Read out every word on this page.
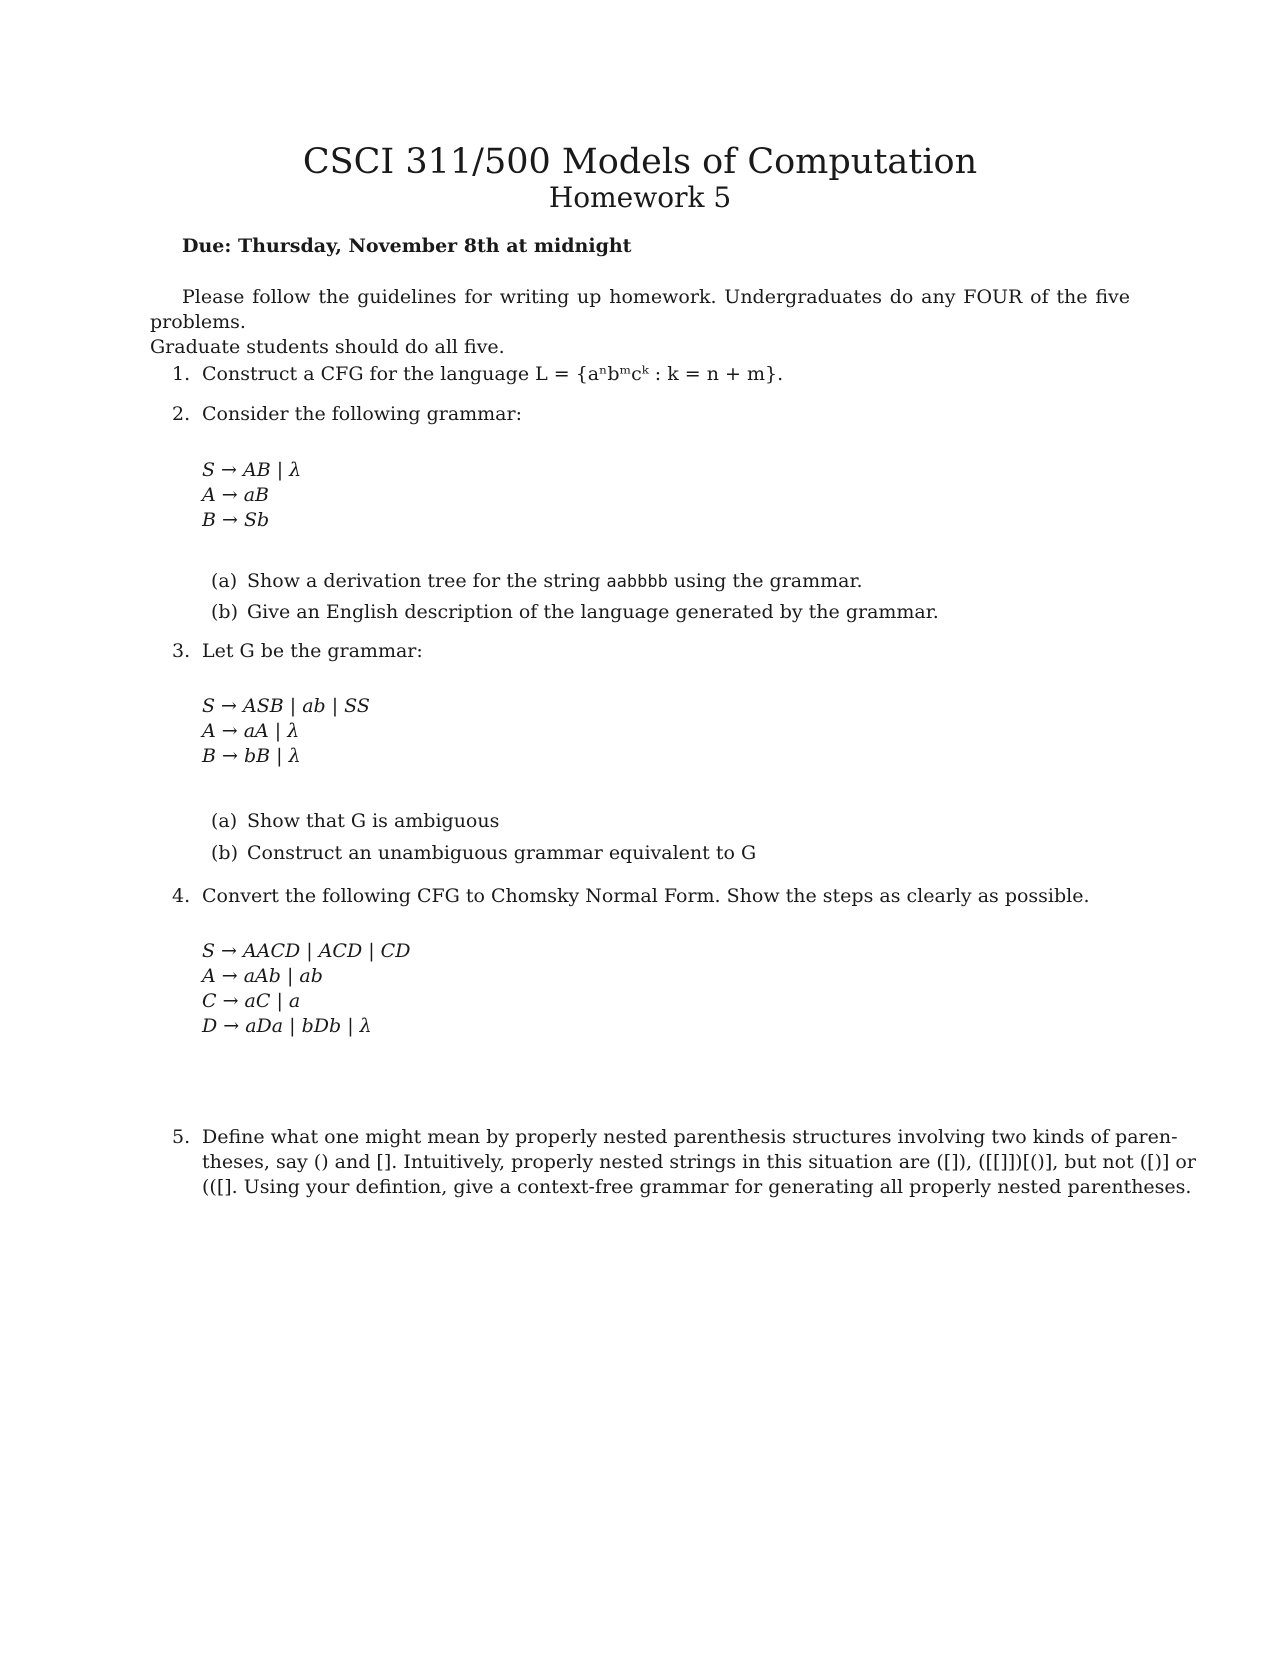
CSCI 311/500 Models of Computation
Homework 5
Due: Thursday, November 8th at midnight
Please follow the guidelines for writing up homework. Undergraduates do any FOUR of the five problems.
Graduate students should do all five.
1. Construct a CFG for the language L = {aⁿbᵐcᵏ : k = n + m}.
2. Consider the following grammar:
S → AB | λ
A → aB
B → Sb
(a) Show a derivation tree for the string aabbbb using the grammar.
(b) Give an English description of the language generated by the grammar.
3. Let G be the grammar:
S → ASB | ab | SS
A → aA | λ
B → bB | λ
(a) Show that G is ambiguous
(b) Construct an unambiguous grammar equivalent to G
4. Convert the following CFG to Chomsky Normal Form. Show the steps as clearly as possible.
S → AACD | ACD | CD
A → aAb | ab
C → aC | a
D → aDa | bDb | λ
5. Define what one might mean by properly nested parenthesis structures involving two kinds of paren-
theses, say () and []. Intuitively, properly nested strings in this situation are ([]), ([[]])[()], but not ([)] or
(([]. Using your defintion, give a context-free grammar for generating all properly nested parentheses.
